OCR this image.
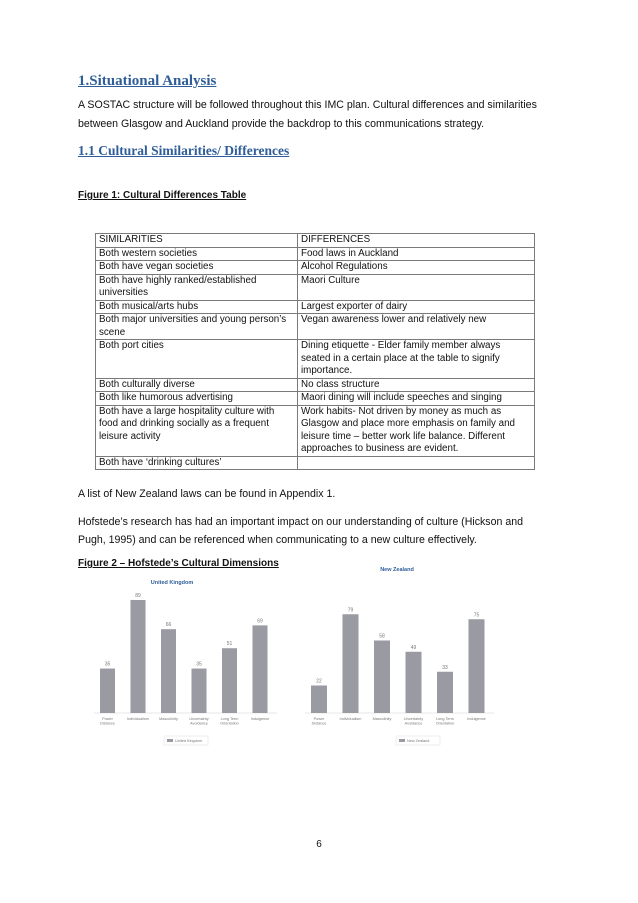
1.Situational Analysis
A SOSTAC structure will be followed throughout this IMC plan. Cultural differences and similarities
between Glasgow and Auckland provide the backdrop to this communications strategy.
1.1 Cultural Similarities/ Differences
Figure 1: Cultural Differences Table
SIMILARITIES	DIFFERENCES
Both western societies	Food laws in Auckland
Both have vegan societies	Alcohol Regulations
Both have highly ranked/established universities	Maori Culture
Both musical/arts hubs	Largest exporter of dairy
Both major universities and young person’s scene	Vegan awareness lower and relatively new
Both port cities	Dining etiquette - Elder family member always seated in a certain place at the table to signify importance.
Both culturally diverse	No class structure
Both like humorous advertising	Maori dining will include speeches and singing
Both have a large hospitality culture with food and drinking socially as a frequent leisure activity	Work habits- Not driven by money as much as Glasgow and place more emphasis on family and leisure time – better work life balance. Different approaches to business are evident.
Both have ‘drinking cultures’	
A list of New Zealand laws can be found in Appendix 1.
Hofstede’s research has had an important impact on our understanding of culture (Hickson and
Pugh, 1995) and can be referenced when communicating to a new culture effectively.
Figure 2 – Hofstede’s Cultural Dimensions
United Kingdom
35
Power Distance
89
Individualism
66
Masculinity
35
Uncertainty Avoidance
51
Long Term Orientation
69
Indulgence
United Kingdom
New Zealand
22
Power Distance
79
Individualism
58
Masculinity
49
Uncertainty Avoidance
33
Long Term Orientation
75
Indulgence
New Zealand
6
